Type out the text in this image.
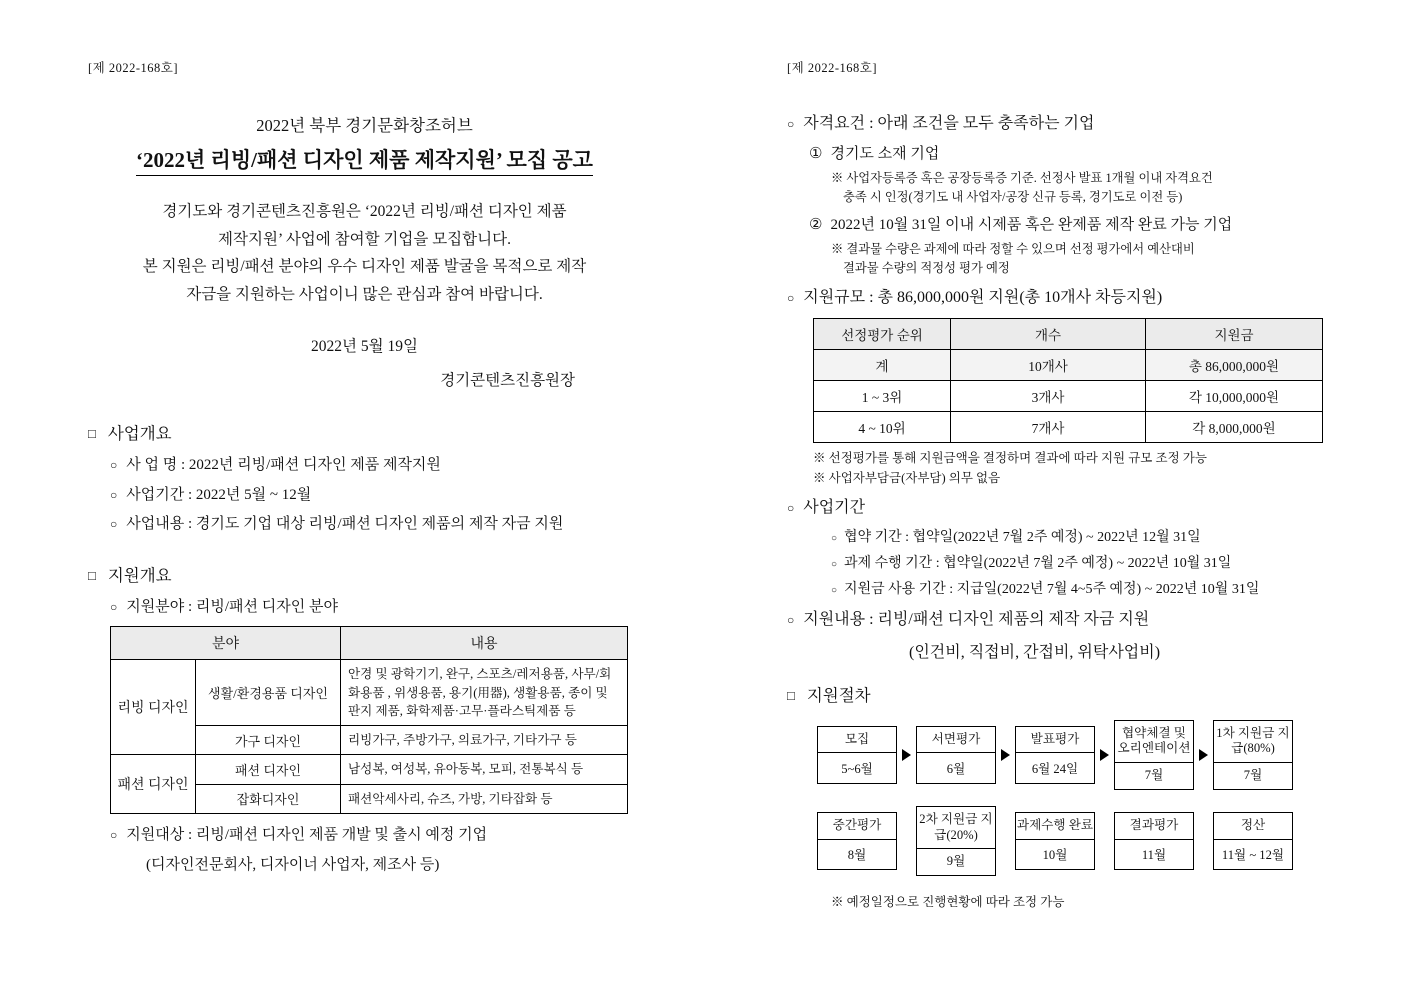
[제 2022-168호]
2022년 북부 경기문화창조허브
‘2022년 리빙/패션 디자인 제품 제작지원’ 모집 공고
경기도와 경기콘텐츠진흥원은 ‘2022년 리빙/패션 디자인 제품
제작지원’ 사업에 참여할 기업을 모집합니다.
본 지원은 리빙/패션 분야의 우수 디자인 제품 발굴을 목적으로 제작
자금을 지원하는 사업이니 많은 관심과 참여 바랍니다.
2022년 5월 19일
경기콘텐츠진흥원장
□ 사업개요
○ 사 업 명 : 2022년 리빙/패션 디자인 제품 제작지원
○ 사업기간 : 2022년 5월 ~ 12월
○ 사업내용 : 경기도 기업 대상 리빙/패션 디자인 제품의 제작 자금 지원
□ 지원개요
○ 지원분야 : 리빙/패션 디자인 분야
분야		내용
리빙 디자인	생활/환경용품 디자인	안경 및 광학기기, 완구, 스포츠/레저용품, 사무/회화용품 , 위생용품, 용기(用器), 생활용품, 종이 및 판지 제품, 화학제품·고무·플라스틱제품 등
	가구 디자인	리빙가구, 주방가구, 의료가구, 기타가구 등
패션 디자인	패션 디자인	남성복, 여성복, 유아동복, 모피, 전통복식 등
	잡화디자인	패션악세사리, 슈즈, 가방, 기타잡화 등
○ 지원대상 : 리빙/패션 디자인 제품 개발 및 출시 예정 기업
(디자인전문회사, 디자이너 사업자, 제조사 등)
[제 2022-168호]
○ 자격요건 : 아래 조건을 모두 충족하는 기업
① 경기도 소재 기업
※ 사업자등록증 혹은 공장등록증 기준. 선정사 발표 1개월 이내 자격요건
충족 시 인정(경기도 내 사업자/공장 신규 등록, 경기도로 이전 등)
② 2022년 10월 31일 이내 시제품 혹은 완제품 제작 완료 가능 기업
※ 결과물 수량은 과제에 따라 정할 수 있으며 선정 평가에서 예산대비
결과물 수량의 적정성 평가 예정
○ 지원규모 : 총 86,000,000원 지원(총 10개사 차등지원)
선정평가 순위	개수	지원금
계	10개사	총 86,000,000원
1 ~ 3위	3개사	각 10,000,000원
4 ~ 10위	7개사	각 8,000,000원
※ 선정평가를 통해 지원금액을 결정하며 결과에 따라 지원 규모 조정 가능
※ 사업자부담금(자부담) 의무 없음
○ 사업기간
○ 협약 기간 : 협약일(2022년 7월 2주 예정) ~ 2022년 12월 31일
○ 과제 수행 기간 : 협약일(2022년 7월 2주 예정) ~ 2022년 10월 31일
○ 지원금 사용 기간 : 지급일(2022년 7월 4~5주 예정) ~ 2022년 10월 31일
○ 지원내용 : 리빙/패션 디자인 제품의 제작 자금 지원
(인건비, 직접비, 간접비, 위탁사업비)
□ 지원절차
모집
5~6월
서면평가
6월
발표평가
6월 24일
협약체결 및 오리엔테이션
7월
1차 지원금 지급(80%)
7월
중간평가
8월
2차 지원금 지급(20%)
9월
과제수행 완료
10월
결과평가
11월
정산
11월 ~ 12월
※ 예정일정으로 진행현황에 따라 조정 가능
